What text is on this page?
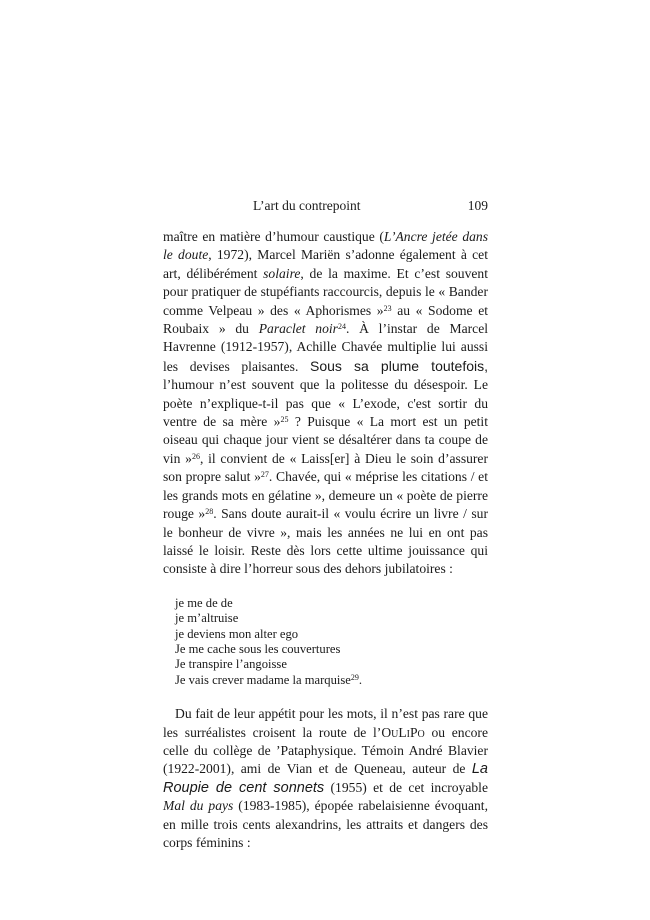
L’art du contrepoint	109

maître en matière d’humour caustique (L’Ancre jetée dans le doute, 1972), Marcel Mariën s’adonne également à cet art, délibérément solaire, de la maxime. Et c’est souvent pour pratiquer de stupéfiants raccourcis, depuis le « Bander comme Velpeau » des « Aphorismes »$^{23}$ au « Sodome et Roubaix » du Paraclet noir$^{24}$. À l’instar de Marcel Havrenne (1912-1957), Achille Chavée multiplie lui aussi les devises plaisantes. Sous sa plume toutefois, l’humour n’est souvent que la politesse du désespoir. Le poète n’explique-t-il pas que « L’exode, c'est sortir du ventre de sa mère »$^{25}$ ? Puisque « La mort est un petit oiseau qui chaque jour vient se désaltérer dans ta coupe de vin »$^{26}$, il convient de « Laiss[er] à Dieu le soin d’assurer son propre salut »$^{27}$. Chavée, qui « méprise les citations / et les grands mots en gélatine », demeure un « poète de pierre rouge »$^{28}$. Sans doute aurait-il « voulu écrire un livre / sur le bonheur de vivre », mais les années ne lui en ont pas laissé le loisir. Reste dès lors cette ultime jouissance qui consiste à dire l’horreur sous des dehors jubilatoires :

je me de de
je m’altruise
je deviens mon alter ego
Je me cache sous les couvertures
Je transpire l’angoisse
Je vais crever madame la marquise$^{29}$.

Du fait de leur appétit pour les mots, il n’est pas rare que les surréalistes croisent la route de l’OuLiPo ou encore celle du collège de ’Pataphysique. Témoin André Blavier (1922-2001), ami de Vian et de Queneau, auteur de La Roupie de cent sonnets (1955) et de cet incroyable Mal du pays (1983-1985), épopée rabelaisienne évoquant, en mille trois cents alexandrins, les attraits et dangers des corps féminins :
